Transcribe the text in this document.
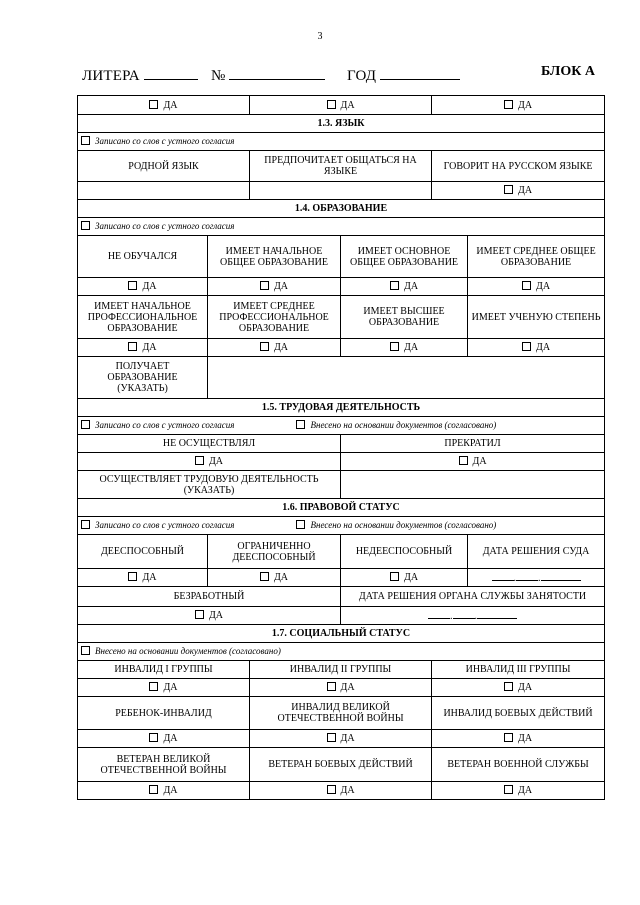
3
ЛИТЕРА	№	ГОД	БЛОК А
ДА		ДА		ДА	
1.3. ЯЗЫК					
Записано со слов с устного согласия					
РОДНОЙ ЯЗЫК		ПРЕДПОЧИТАЕТ ОБЩАТЬСЯ НА ЯЗЫКЕ		ГОВОРИТ НА РУССКОМ ЯЗЫКЕ	
				ДА	
1.4. ОБРАЗОВАНИЕ					
Записано со слов с устного согласия					
НЕ ОБУЧАЛСЯ	ИМЕЕТ НАЧАЛЬНОЕ ОБЩЕЕ ОБРАЗОВАНИЕ		ИМЕЕТ ОСНОВНОЕ ОБЩЕЕ ОБРАЗОВАНИЕ		ИМЕЕТ СРЕДНЕЕ ОБЩЕЕ ОБРАЗОВАНИЕ
ДА	ДА		ДА		ДА
ИМЕЕТ НАЧАЛЬНОЕ ПРОФЕССИОНАЛЬНОЕ ОБРАЗОВАНИЕ	ИМЕЕТ СРЕДНЕЕ ПРОФЕССИОНАЛЬНОЕ ОБРАЗОВАНИЕ		ИМЕЕТ ВЫСШЕЕ ОБРАЗОВАНИЕ		ИМЕЕТ УЧЕНУЮ СТЕПЕНЬ
ДА	ДА		ДА		ДА
ПОЛУЧАЕТ ОБРАЗОВАНИЕ (УКАЗАТЬ)					
1.5. ТРУДОВАЯ ДЕЯТЕЛЬНОСТЬ					
Записано со слов с устного согласия Внесено на основании документов (согласовано)					
НЕ ОСУЩЕСТВЛЯЛ			ПРЕКРАТИЛ		
ДА			ДА		
ОСУЩЕСТВЛЯЕТ ТРУДОВУЮ ДЕЯТЕЛЬНОСТЬ (УКАЗАТЬ)					
1.6. ПРАВОВОЙ СТАТУС					
Записано со слов с устного согласия Внесено на основании документов (согласовано)					
ДЕЕСПОСОБНЫЙ	ОГРАНИЧЕННО ДЕЕСПОСОБНЫЙ		НЕДЕЕСПОСОБНЫЙ		ДАТА РЕШЕНИЯ СУДА
ДА	ДА		ДА		. .
БЕЗРАБОТНЫЙ			ДАТА РЕШЕНИЯ ОРГАНА СЛУЖБЫ ЗАНЯТОСТИ		
ДА			. .		
1.7. СОЦИАЛЬНЫЙ СТАТУС					
Внесено на основании документов (согласовано)					
ИНВАЛИД I ГРУППЫ		ИНВАЛИД II ГРУППЫ		ИНВАЛИД III ГРУППЫ	
ДА		ДА		ДА	
РЕБЕНОК-ИНВАЛИД		ИНВАЛИД ВЕЛИКОЙ ОТЕЧЕСТВЕННОЙ ВОЙНЫ		ИНВАЛИД БОЕВЫХ ДЕЙСТВИЙ	
ДА		ДА		ДА	
ВЕТЕРАН ВЕЛИКОЙ ОТЕЧЕСТВЕННОЙ ВОЙНЫ		ВЕТЕРАН БОЕВЫХ ДЕЙСТВИЙ		ВЕТЕРАН ВОЕННОЙ СЛУЖБЫ	
ДА		ДА		ДА	
